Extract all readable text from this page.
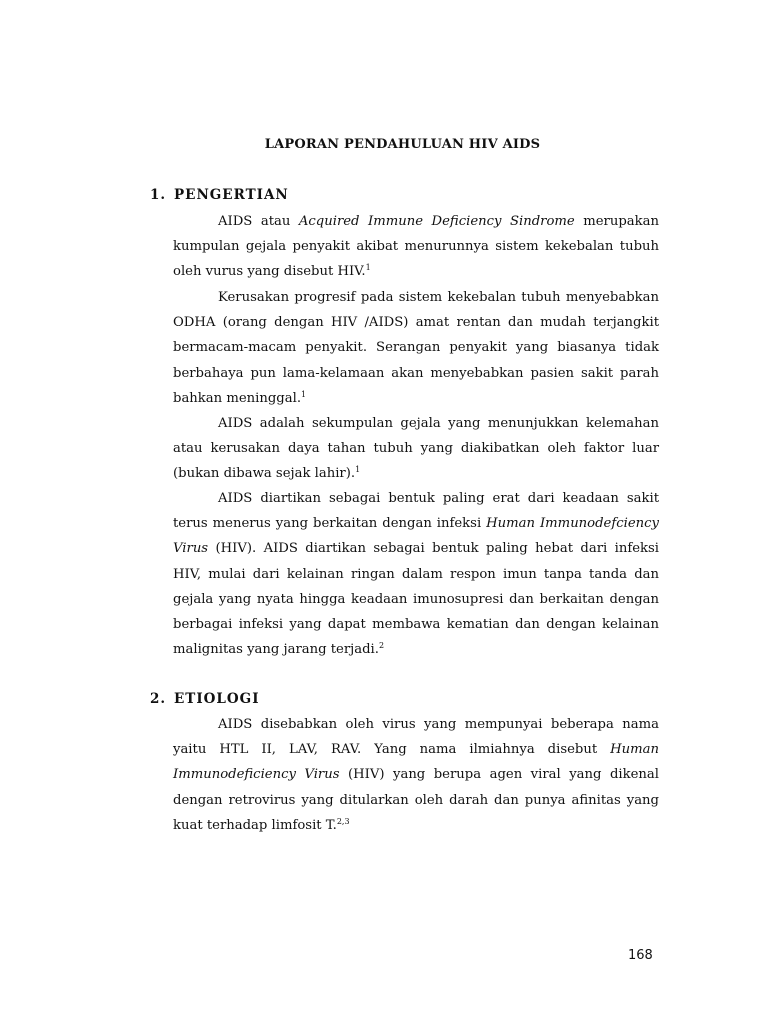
LAPORAN PENDAHULUAN HIV AIDS
1. PENGERTIAN

AIDS atau Acquired Immune Deficiency Sindrome merupakan kumpulan gejala penyakit akibat menurunnya sistem kekebalan tubuh oleh vurus yang disebut HIV.$^1$

Kerusakan progresif pada sistem kekebalan tubuh menyebabkan ODHA (orang dengan HIV /AIDS) amat rentan dan mudah terjangkit bermacam-macam penyakit. Serangan penyakit yang biasanya tidak berbahaya pun lama-kelamaan akan menyebabkan pasien sakit parah bahkan meninggal.$^1$

AIDS adalah sekumpulan gejala yang menunjukkan kelemahan atau kerusakan daya tahan tubuh yang diakibatkan oleh faktor luar (bukan dibawa sejak lahir).$^1$

AIDS diartikan sebagai bentuk paling erat dari keadaan sakit terus menerus yang berkaitan dengan infeksi Human Immunodefciency Virus (HIV). AIDS diartikan sebagai bentuk paling hebat dari infeksi HIV, mulai dari kelainan ringan dalam respon imun tanpa tanda dan gejala yang nyata hingga keadaan imunosupresi dan berkaitan dengan berbagai infeksi yang dapat membawa kematian dan dengan kelainan malignitas yang jarang terjadi.$^2$

2. ETIOLOGI

AIDS disebabkan oleh virus yang mempunyai beberapa nama yaitu HTL II, LAV, RAV. Yang nama ilmiahnya disebut Human Immunodeficiency Virus (HIV) yang berupa agen viral yang dikenal dengan retrovirus yang ditularkan oleh darah dan punya afinitas yang kuat terhadap limfosit T.$^{2,3}$

168
